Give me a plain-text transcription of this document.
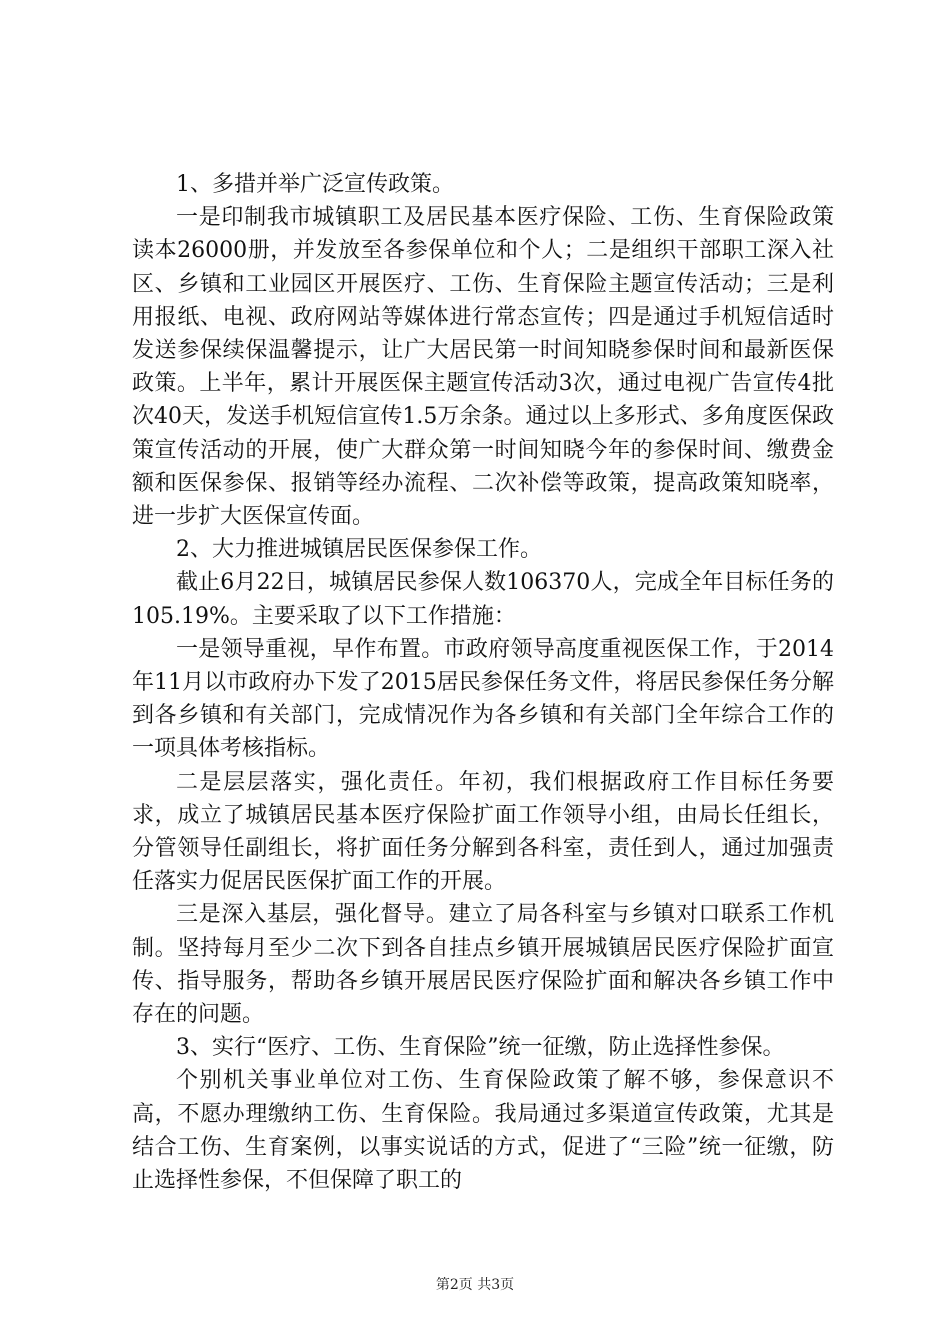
1、多措并举广泛宣传政策。

一是印制我市城镇职工及居民基本医疗保险、工伤、生育保险政策读本26000册，并发放至各参保单位和个人；二是组织干部职工深入社区、乡镇和工业园区开展医疗、工伤、生育保险主题宣传活动；三是利用报纸、电视、政府网站等媒体进行常态宣传；四是通过手机短信适时发送参保续保温馨提示，让广大居民第一时间知晓参保时间和最新医保政策。上半年，累计开展医保主题宣传活动3次，通过电视广告宣传4批次40天，发送手机短信宣传1.5万余条。通过以上多形式、多角度医保政策宣传活动的开展，使广大群众第一时间知晓今年的参保时间、缴费金额和医保参保、报销等经办流程、二次补偿等政策，提高政策知晓率，进一步扩大医保宣传面。

2、大力推进城镇居民医保参保工作。

截止6月22日，城镇居民参保人数106370人，完成全年目标任务的105.19%。主要采取了以下工作措施：

一是领导重视，早作布置。市政府领导高度重视医保工作，于2014年11月以市政府办下发了2015居民参保任务文件，将居民参保任务分解到各乡镇和有关部门，完成情况作为各乡镇和有关部门全年综合工作的一项具体考核指标。

二是层层落实，强化责任。年初，我们根据政府工作目标任务要求，成立了城镇居民基本医疗保险扩面工作领导小组，由局长任组长，分管领导任副组长，将扩面任务分解到各科室，责任到人，通过加强责任落实力促居民医保扩面工作的开展。

三是深入基层，强化督导。建立了局各科室与乡镇对口联系工作机制。坚持每月至少二次下到各自挂点乡镇开展城镇居民医疗保险扩面宣传、指导服务，帮助各乡镇开展居民医疗保险扩面和解决各乡镇工作中存在的问题。

3、实行“医疗、工伤、生育保险”统一征缴，防止选择性参保。

个别机关事业单位对工伤、生育保险政策了解不够，参保意识不高，不愿办理缴纳工伤、生育保险。我局通过多渠道宣传政策，尤其是结合工伤、生育案例，以事实说话的方式，促进了“三险”统一征缴，防止选择性参保，不但保障了职工的

第2页 共3页
